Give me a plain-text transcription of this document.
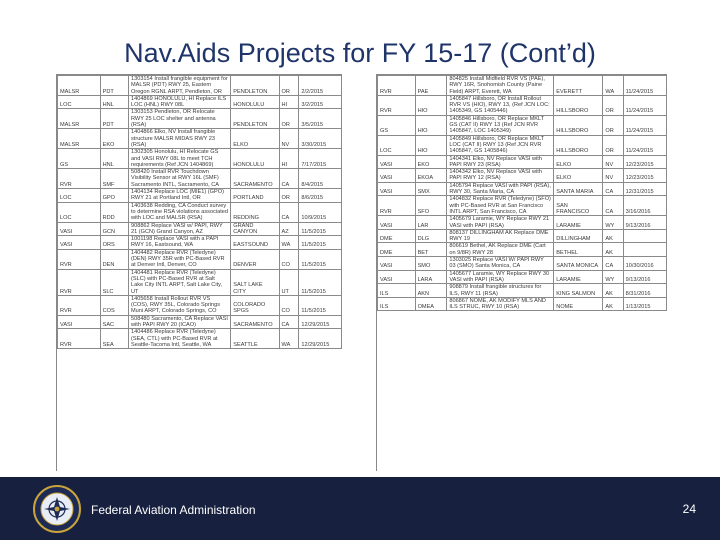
Nav.Aids Projects for FY 15-17 (Cont’d)
MALSR	PDT	1303154 Install frangible equipment for MALSR (PDT) RWY 25, Eastern Oregon RGNL ARPT, Pendleton, OR	PENDLETON	OR	2/2/2015
LOC	HNL	1404869 HONOLULU, HI Replace ILS LOC (HNL) RWY 08L	HONOLULU	HI	3/2/2015
MALSR	PDT	1303153 Pendleton, OR Relocate RWY 25 LOC shelter and antenna (RSA)	PENDLETON	OR	3/5/2015
MALSR	EKO	1404866 Elko, NV Install frangible structure MALSR MIDAS RWY 23 (RSA)	ELKO	NV	3/30/2015
GS	HNL	1302305 Honolulu, HI Relocate GS and VASI RWY 08L to meet TCH requirements (Ref JCN 1404869)	HONOLULU	HI	7/17/2015
RVR	SMF	508420 Install RVR Touchdown Visibility Sensor at RWY 16L (SMF) Sacramento INTL, Sacramento, CA	SACRAMENTO	CA	8/4/2015
LOC	GPO	1404134 Replace LOC (MIE1) (GPO) RWY 21 at Portland Intl, OR	PORTLAND	OR	8/6/2015
LOC	RDD	1403638 Redding, CA Conduct survey to determine RSA violations associated with LOC and MALSR (RSA)	REDDING	CA	10/9/2015
VASI	GCN	908862 Replace VASI w/ PAPI, RWY 21 (GCN) Grand Canyon, AZ	GRAND CANYON	AZ	11/5/2015
VASI	ORS	1001198 Replace VASI with a PAPI RWY 16, Eastsound, WA	EASTSOUND	WA	11/5/2015
RVR	DEN	1404482 Replace RVR (Teledyne) (DEN) RWY 35R with PC-Based RVR at Denver Intl, Denver, CO	DENVER	CO	11/5/2015
RVR	SLC	1404481 Replace RVR (Teledyne) (SLC) with PC-Based RVR at Salt Lake City INTL ARPT, Salt Lake City, UT	SALT LAKE CITY	UT	11/5/2015
RVR	COS	1405658 Install Rollout RVR VS (COS), RWY 35L, Colorado Springs Muni ARPT, Colorado Springs, CO	COLORADO SPGS	CO	11/5/2015
VASI	SAC	508480 Sacramento, CA Replace VASI with PAPI RWY 20 (ICAO)	SACRAMENTO	CA	12/29/2015
RVR	SEA	1404486 Replace RVR (Teledyne) (SEA, CTL) with PC-Based RVR at Seattle-Tacoma Intl, Seattle, WA	SEATTLE	WA	12/29/2015
RVR	PAE	804825 Install Midfield RVR VS (PAE), RWY 16R, Snohomish County (Paine Field) ARPT, Everett, WA	EVERETT	WA	11/24/2015
RVR	HIO	1405847 Hillsboro, OR Install Rollout RVR VS (HIO), RWY 13, (Ref JCN LOC: 1405349, GS 1405446)	HILLSBORO	OR	11/24/2015
GS	HIO	1405846 Hillsboro, OR Replace MKLT GS (CAT II) RWY 13 (Ref JCN RVR 1405847, LOC 1405349)	HILLSBORO	OR	11/24/2015
LOC	HIO	1405849 Hillsboro, OR Replace MKLT LOC (CAT II) RWY 13 (Ref JCN RVR 1405847, GS 1405846)	HILLSBORO	OR	11/24/2015
VASI	EKO	1404341 Elko, NV Replace VASI with PAPI RWY 23 (RSA)	ELKO	NV	12/23/2015
VASI	EKOA	1404342 Elko, NV Replace VASI with PAPI RWY 12 (RSA)	ELKO	NV	12/23/2015
VASI	SMX	1405794 Replace VASI with PAPI (RSA), RWY 30, Santa Maria, CA	SANTA MARIA	CA	12/31/2015
RVR	SFO	1404832 Replace RVR (Teledyne) (SFO) with PC-Based RVR at San Francisco INTL ARPT, San Francisco, CA	SAN FRANCISCO	CA	3/16/2016
VASI	LAR	1405679 Laramie, WY Replace RWY 21 VASI with PAPI (RSA)	LARAMIE	WY	9/13/2016
DME	DLG	808137 DILLINGHAM AK Replace DME RWY 19	DILLINGHAM	AK	
DME	BET	806619 Bethel, AK Replace DME (Cart on 9/8R) RWY 28	BETHEL	AK	
VASI	SMO	1303025 Replace VASI W/ PAPI RWY 03 (SMO) Santa Monica, CA	SANTA MONICA	CA	10/30/2016
VASI	LARA	1405677 Laramie, WY Replace RWY 30 VASI with PAPI (RSA)	LARAMIE	WY	9/13/2016
ILS	AKN	908879 Install frangible structures for ILS, RWY 11 (RSA)	KING SALMON	AK	8/31/2016
ILS	OMEA	806867 NOME, AK MODIFY MLS AND ILS STRUC, RWY 10 (RSA)	NOME	AK	1/13/2015
Federal Aviation Administration	24
